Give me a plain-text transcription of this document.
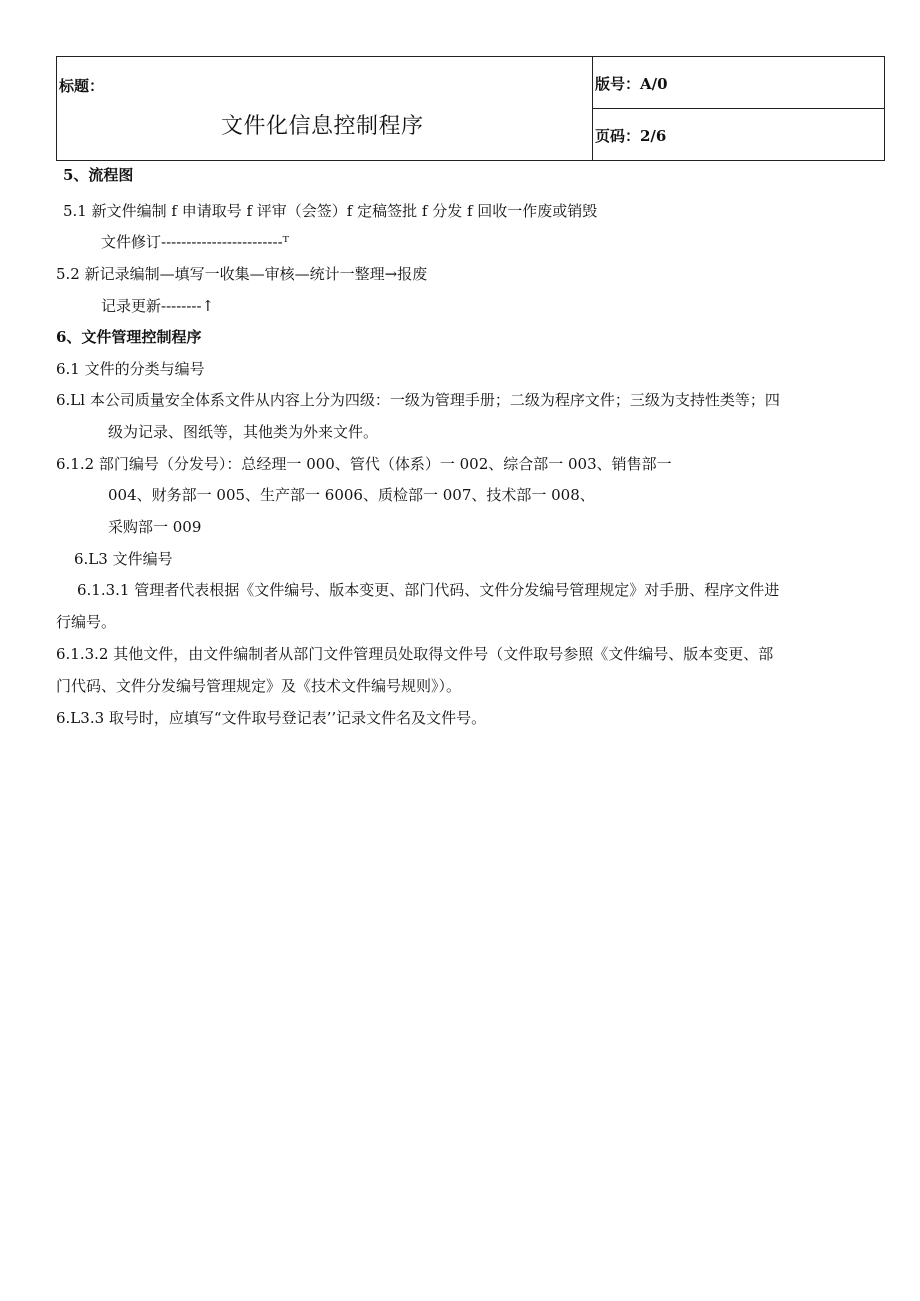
标题：
文件化信息控制程序

版号：A/0

页码：2/6
5、流程图
5.1 新文件编制 f 申请取号 f 评审（会签）f 定稿签批 f 分发 f 回收一作废或销毁
文件修订------------------------ᵀ
5.2 新记录编制—填写一收集—审核—统计一整理→报废
记录更新--------↑
6、文件管理控制程序
6.1 文件的分类与编号
6.Ll 本公司质量安全体系文件从内容上分为四级：一级为管理手册；二级为程序文件；三级为支持性类等；四
级为记录、图纸等，其他类为外来文件。
6.1.2 部门编号（分发号）：总经理一 000、管代（体系）一 002、综合部一 003、销售部一
004、财务部一 005、生产部一 6006、质检部一 007、技术部一 008、
采购部一 009
6.L3 文件编号
6.1.3.1 管理者代表根据《文件编号、版本变更、部门代码、文件分发编号管理规定》对手册、程序文件进
行编号。
6.1.3.2 其他文件，由文件编制者从部门文件管理员处取得文件号（文件取号参照《文件编号、版本变更、部
门代码、文件分发编号管理规定》及《技术文件编号规则》）。
6.L3.3 取号时，应填写“文件取号登记表’’记录文件名及文件号。
